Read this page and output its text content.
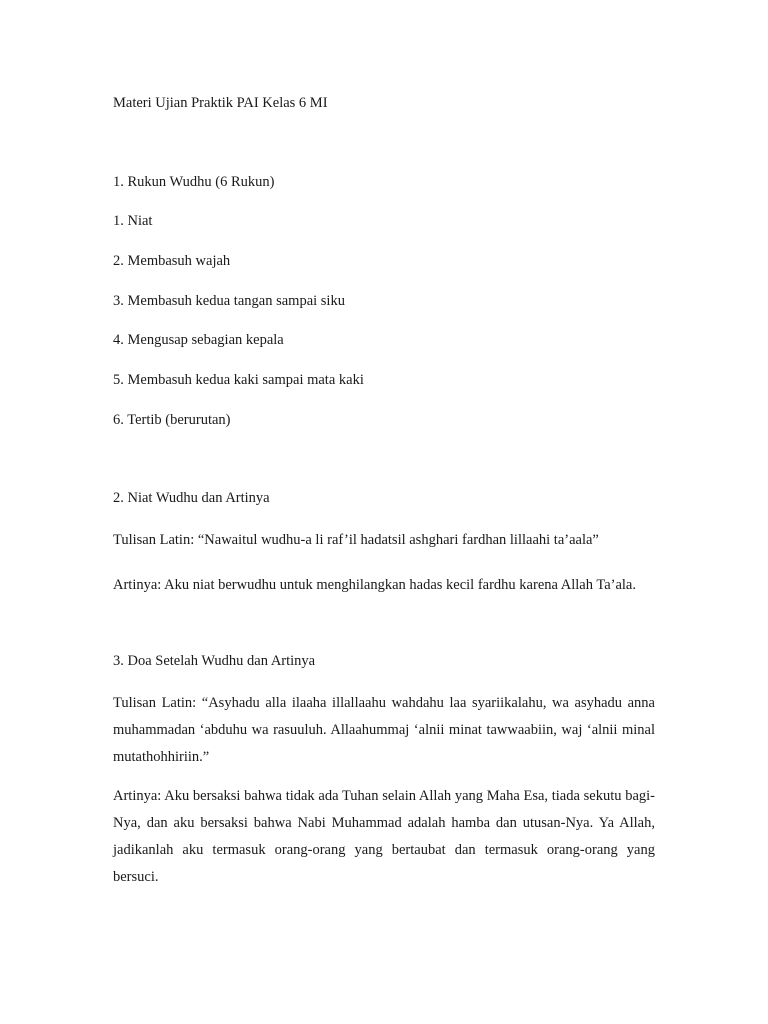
Materi Ujian Praktik PAI Kelas 6 MI
1. Rukun Wudhu (6 Rukun)
1. Niat
2. Membasuh wajah
3. Membasuh kedua tangan sampai siku
4. Mengusap sebagian kepala
5. Membasuh kedua kaki sampai mata kaki
6. Tertib (berurutan)
2. Niat Wudhu dan Artinya
Tulisan Latin: “Nawaitul wudhu-a li raf’il hadatsil ashghari fardhan lillaahi ta’aala”
Artinya: Aku niat berwudhu untuk menghilangkan hadas kecil fardhu karena Allah Ta’ala.
3. Doa Setelah Wudhu dan Artinya
Tulisan Latin: “Asyhadu alla ilaaha illallaahu wahdahu laa syariikalahu, wa asyhadu anna muhammadan ‘abduhu wa rasuuluh. Allaahummaj ‘alnii minat tawwaabiin, waj ‘alnii minal mutathohhiriin.”
Artinya: Aku bersaksi bahwa tidak ada Tuhan selain Allah yang Maha Esa, tiada sekutu bagi-Nya, dan aku bersaksi bahwa Nabi Muhammad adalah hamba dan utusan-Nya. Ya Allah, jadikanlah aku termasuk orang-orang yang bertaubat dan termasuk orang-orang yang bersuci.
